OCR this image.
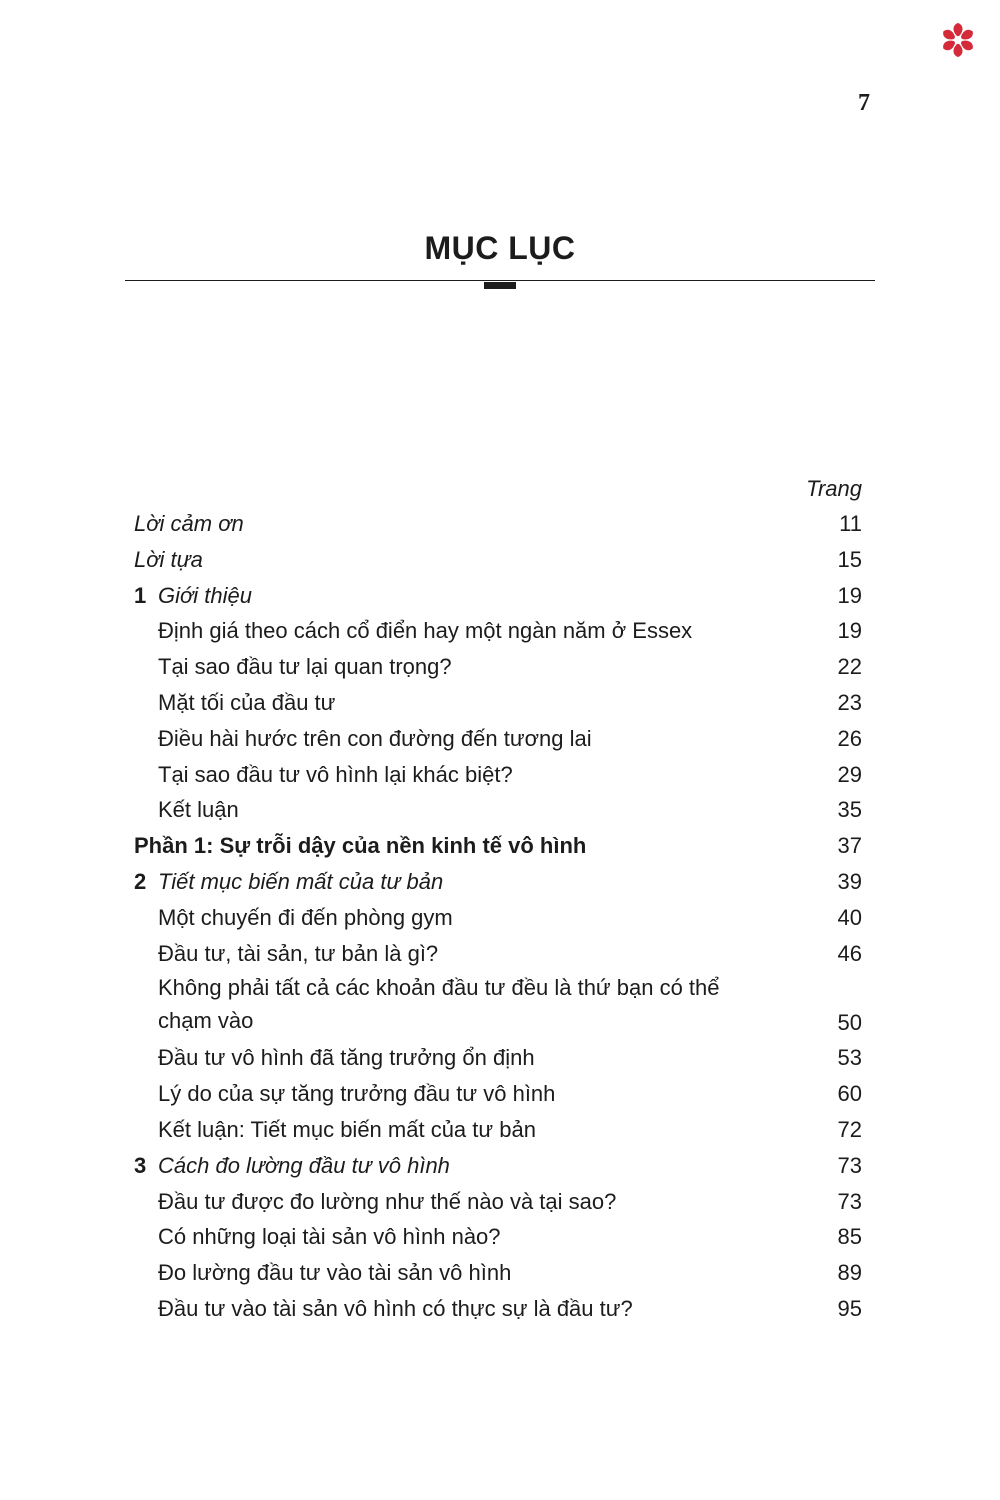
7
MỤC LỤC
Trang
Lời cảm ơn	11
Lời tựa	15
1 Giới thiệu	19
Định giá theo cách cổ điển hay một ngàn năm ở Essex	19
Tại sao đầu tư lại quan trọng?	22
Mặt tối của đầu tư	23
Điều hài hước trên con đường đến tương lai	26
Tại sao đầu tư vô hình lại khác biệt?	29
Kết luận	35
Phần 1: Sự trỗi dậy của nền kinh tế vô hình	37
2 Tiết mục biến mất của tư bản	39
Một chuyến đi đến phòng gym	40
Đầu tư, tài sản, tư bản là gì?	46
Không phải tất cả các khoản đầu tư đều là thứ bạn có thể chạm vào	50
Đầu tư vô hình đã tăng trưởng ổn định	53
Lý do của sự tăng trưởng đầu tư vô hình	60
Kết luận: Tiết mục biến mất của tư bản	72
3 Cách đo lường đầu tư vô hình	73
Đầu tư được đo lường như thế nào và tại sao?	73
Có những loại tài sản vô hình nào?	85
Đo lường đầu tư vào tài sản vô hình	89
Đầu tư vào tài sản vô hình có thực sự là đầu tư?	95
